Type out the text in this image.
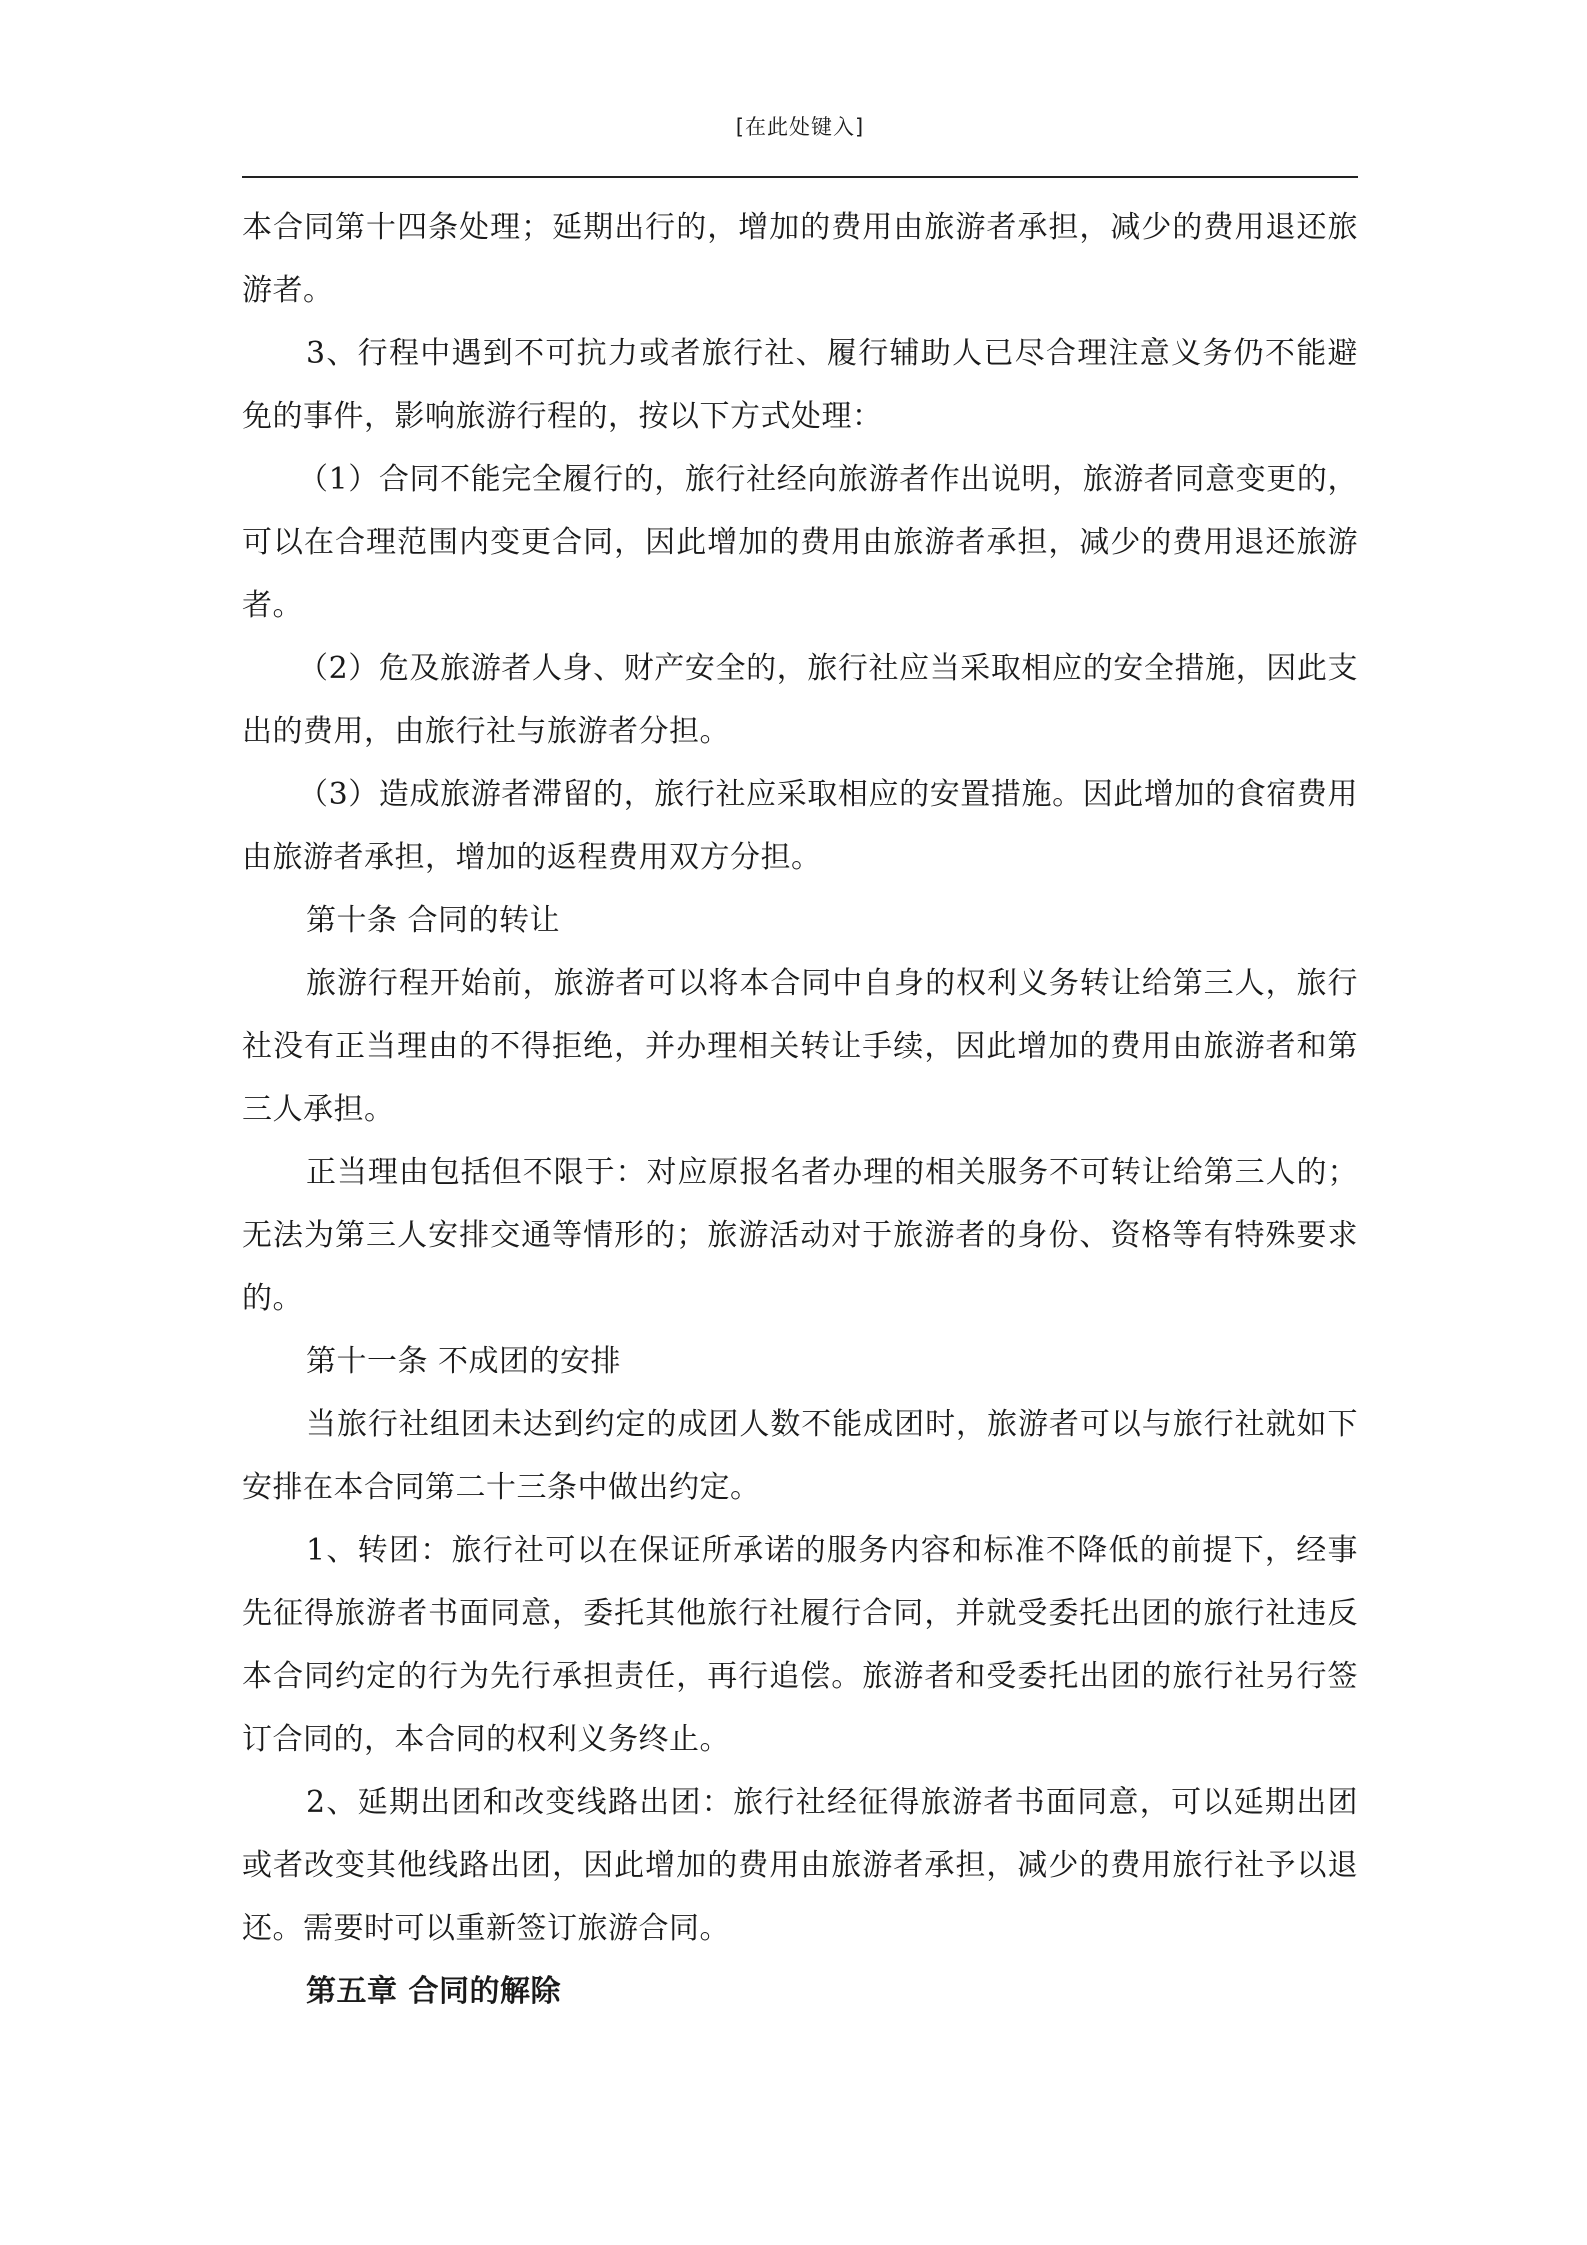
[在此处键入]

本合同第十四条处理；延期出行的，增加的费用由旅游者承担，减少的费用退还旅游者。

3、行程中遇到不可抗力或者旅行社、履行辅助人已尽合理注意义务仍不能避免的事件，影响旅游行程的，按以下方式处理：

（1）合同不能完全履行的，旅行社经向旅游者作出说明，旅游者同意变更的，可以在合理范围内变更合同，因此增加的费用由旅游者承担，减少的费用退还旅游者。

（2）危及旅游者人身、财产安全的，旅行社应当采取相应的安全措施，因此支出的费用，由旅行社与旅游者分担。

（3）造成旅游者滞留的，旅行社应采取相应的安置措施。因此增加的食宿费用由旅游者承担，增加的返程费用双方分担。

第十条 合同的转让

旅游行程开始前，旅游者可以将本合同中自身的权利义务转让给第三人，旅行社没有正当理由的不得拒绝，并办理相关转让手续，因此增加的费用由旅游者和第三人承担。

正当理由包括但不限于：对应原报名者办理的相关服务不可转让给第三人的；无法为第三人安排交通等情形的；旅游活动对于旅游者的身份、资格等有特殊要求的。

第十一条 不成团的安排

当旅行社组团未达到约定的成团人数不能成团时，旅游者可以与旅行社就如下安排在本合同第二十三条中做出约定。

1、转团：旅行社可以在保证所承诺的服务内容和标准不降低的前提下，经事先征得旅游者书面同意，委托其他旅行社履行合同，并就受委托出团的旅行社违反本合同约定的行为先行承担责任，再行追偿。旅游者和受委托出团的旅行社另行签订合同的，本合同的权利义务终止。

2、延期出团和改变线路出团：旅行社经征得旅游者书面同意，可以延期出团或者改变其他线路出团，因此增加的费用由旅游者承担，减少的费用旅行社予以退还。需要时可以重新签订旅游合同。

第五章 合同的解除
